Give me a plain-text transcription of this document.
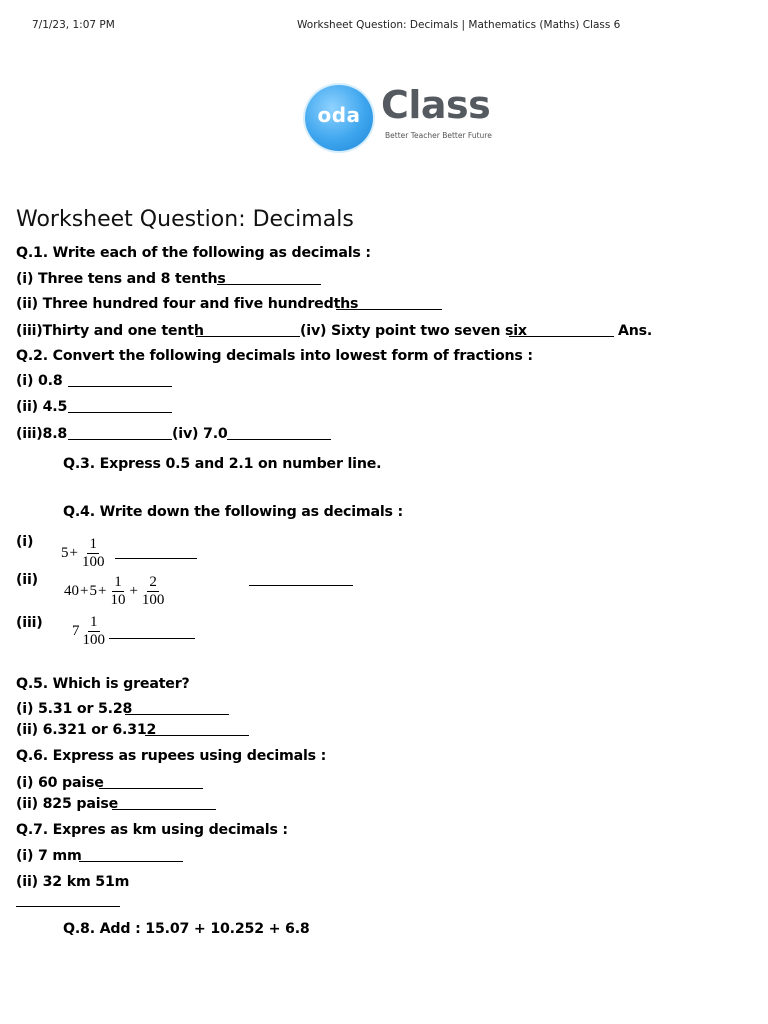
7/1/23, 1:07 PM	Worksheet Question: Decimals | Mathematics (Maths) Class 6
oda Class
Better Teacher Better Future
Worksheet Question: Decimals
Q.1. Write each of the following as decimals :
(i) Three tens and 8 tenths
(ii) Three hundred four and five hundredths
(iii)Thirty and one tenth	(iv) Sixty point two seven six	Ans.
Q.2. Convert the following decimals into lowest form of fractions :
(i) 0.8
(ii) 4.5
(iii)8.8	(iv) 7.0
Q.3. Express 0.5 and 2.1 on number line.
Q.4. Write down the following as decimals :
(i)
$5 + \frac{1}{100}$
(ii)
$40 + 5 + \frac{1}{10} + \frac{2}{100}$
(iii) $7 \frac{1}{100}$
Q.5. Which is greater?
(i) 5.31 or 5.28
(ii) 6.321 or 6.312
Q.6. Express as rupees using decimals :
(i) 60 paise
(ii) 825 paise
Q.7. Expres as km using decimals :
(i) 7 mm
(ii) 32 km 51m
Q.8. Add : 15.07 + 10.252 + 6.8
